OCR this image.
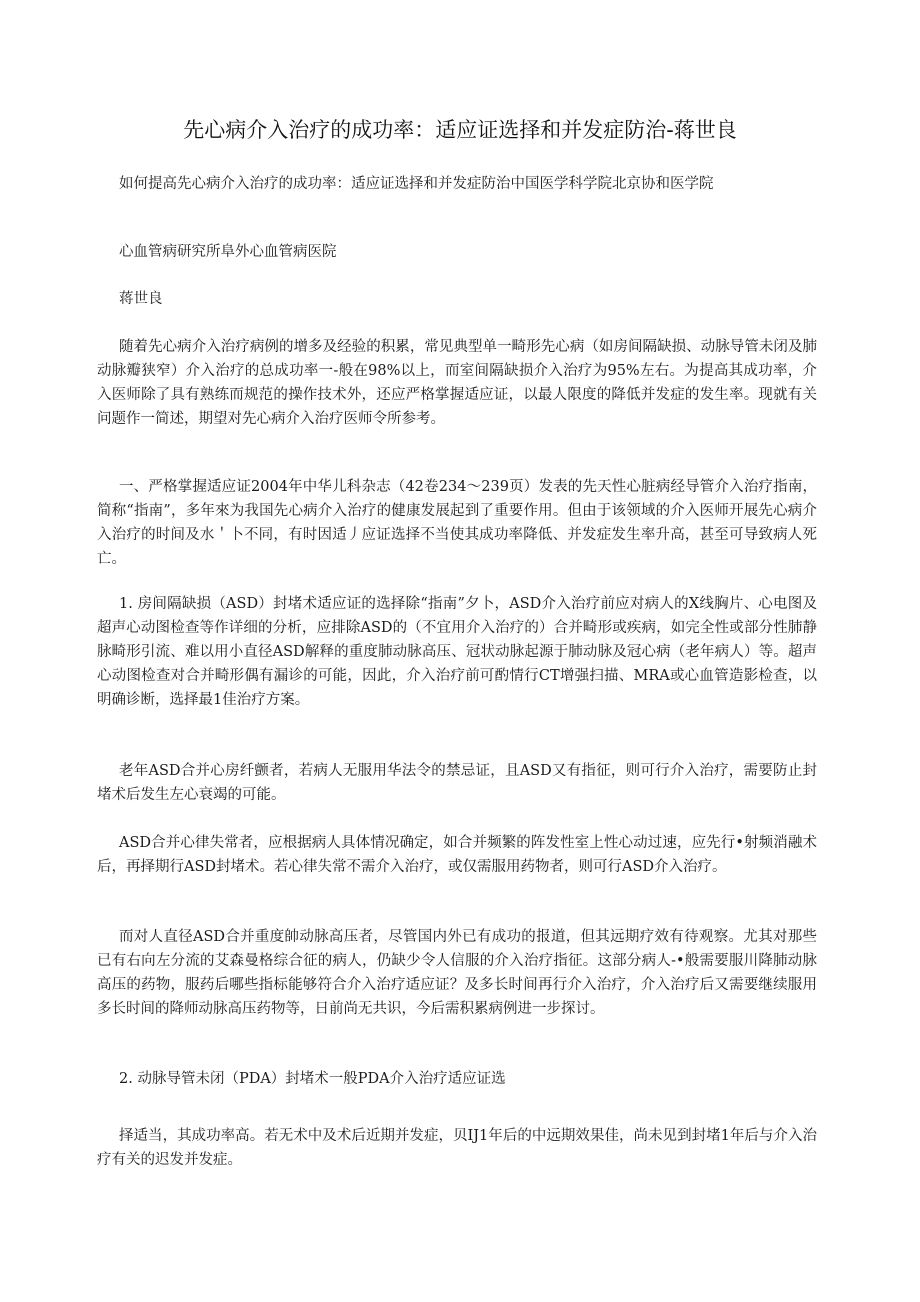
先心病介入治疗的成功率：适应证选择和并发症防治-蒋世良

如何提高先心病介入治疗的成功率：适应证选择和并发症防治中国医学科学院北京协和医学院

心血管病研究所阜外心血管病医院

蒋世良

随着先心病介入治疗病例的增多及经验的积累，常见典型单一畸形先心病（如房间隔缺损、动脉导管未闭及肺动脉瓣狭窄）介入治疗的总成功率一-般在98%以上，而室间隔缺损介入治疗为95%左右。为提高其成功率，介入医师除了具有熟练而规范的操作技术外，还应严格掌握适应证，以最人限度的降低并发症的发生率。现就有关问题作一简述，期望对先心病介入治疗医师令所参考。

一、严格掌握适应证2004年中华儿科杂志（42卷234〜239页）发表的先天性心脏病经导管介入治疗指南，简称“指南”，多年來为我国先心病介入治疗的健康发展起到了重要作用。但由于该领域的介入医师开展先心病介入治疗的时间及水＇卜不同，有时因适丿应证选择不当使其成功率降低、并发症发生率升高，甚至可导致病人死亡。

1. 房间隔缺损（ASD）封堵术适应证的选择除“指南”夕卜，ASD介入治疗前应对病人的X线胸片、心电图及超声心动图检查等作详细的分析，应排除ASD的（不宜用介入治疗的）合并畸形或疾病，如完全性或部分性肺静脉畸形引流、难以用小直径ASD解释的重度肺动脉高压、冠状动脉起源于肺动脉及冠心病（老年病人）等。超声心动图检查对合并畸形偶有漏诊的可能，因此，介入治疗前可酌情行CT增强扫描、MRA或心血管造影检查，以明确诊断，选择最1佳治疗方案。

老年ASD合并心房纤颤者，若病人无服用华法令的禁忌证，且ASD又有指征，则可行介入治疗，需要防止封堵术后发生左心衰竭的可能。

ASD合并心律失常者，应根据病人具体情况确定，如合并频繁的阵发性室上性心动过速，应先行•射频消融术后，再择期行ASD封堵术。若心律失常不需介入治疗，或仅需服用药物者，则可行ASD介入治疗。

而对人直径ASD合并重度帥动脉高压者，尽管国内外已有成功的报道，但其远期疗效有待观察。尤其对那些已有右向左分流的艾森曼格综合征的病人，仍缺少令人信服的介入治疗指征。这部分病人-•般需要服川降肺动脉高压的药物，服药后哪些指标能够符合介入治疗适应证？及多长时间再行介入治疗，介入治疗后又需要继续服用多长时间的降师动脉高压药物等，日前尚无共识，今后需积累病例进一步探讨。

2. 动脉导管未闭（PDA）封堵术一般PDA介入治疗适应证选

择适当，其成功率高。若无术中及术后近期并发症，贝IJ1年后的中远期效果佳，尚未见到封堵1年后与介入治疗有关的迟发并发症。
